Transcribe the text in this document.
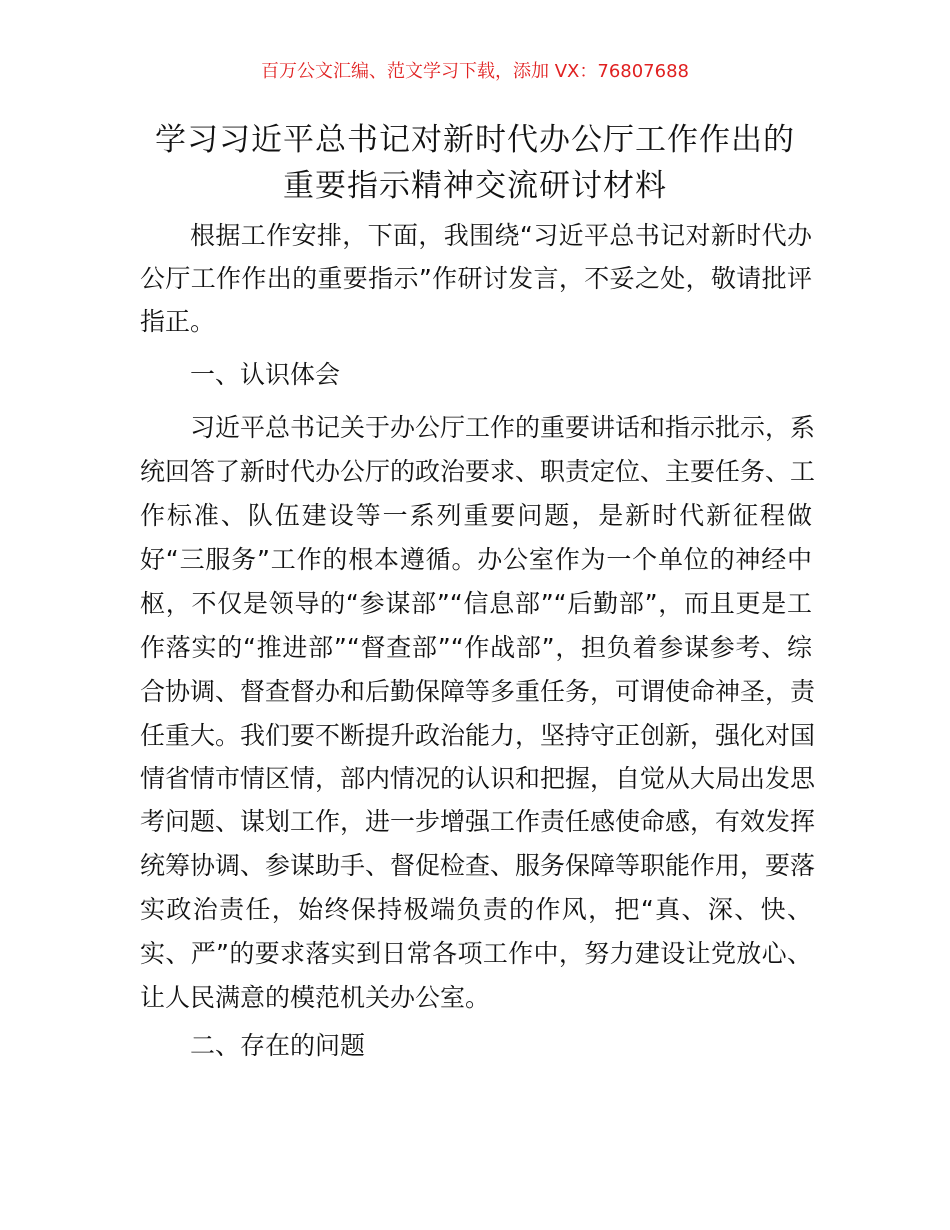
百万公文汇编、范文学习下载，添加 VX：76807688
学习习近平总书记对新时代办公厅工作作出的
重要指示精神交流研讨材料
根据工作安排，下面，我围绕“习近平总书记对新时代办
公厅工作作出的重要指示”作研讨发言，不妥之处，敬请批评
指正。
一、认识体会
习近平总书记关于办公厅工作的重要讲话和指示批示，系
统回答了新时代办公厅的政治要求、职责定位、主要任务、工
作标准、队伍建设等一系列重要问题，是新时代新征程做
好“三服务”工作的根本遵循。办公室作为一个单位的神经中
枢，不仅是领导的“参谋部”“信息部”“后勤部”，而且更是工
作落实的“推进部”“督查部”“作战部”，担负着参谋参考、综
合协调、督查督办和后勤保障等多重任务，可谓使命神圣，责
任重大。我们要不断提升政治能力，坚持守正创新，强化对国
情省情市情区情，部内情况的认识和把握，自觉从大局出发思
考问题、谋划工作，进一步增强工作责任感使命感，有效发挥
统筹协调、参谋助手、督促检查、服务保障等职能作用，要落
实政治责任，始终保持极端负责的作风，把“真、深、快、
实、严”的要求落实到日常各项工作中，努力建设让党放心、
让人民满意的模范机关办公室。
二、存在的问题
